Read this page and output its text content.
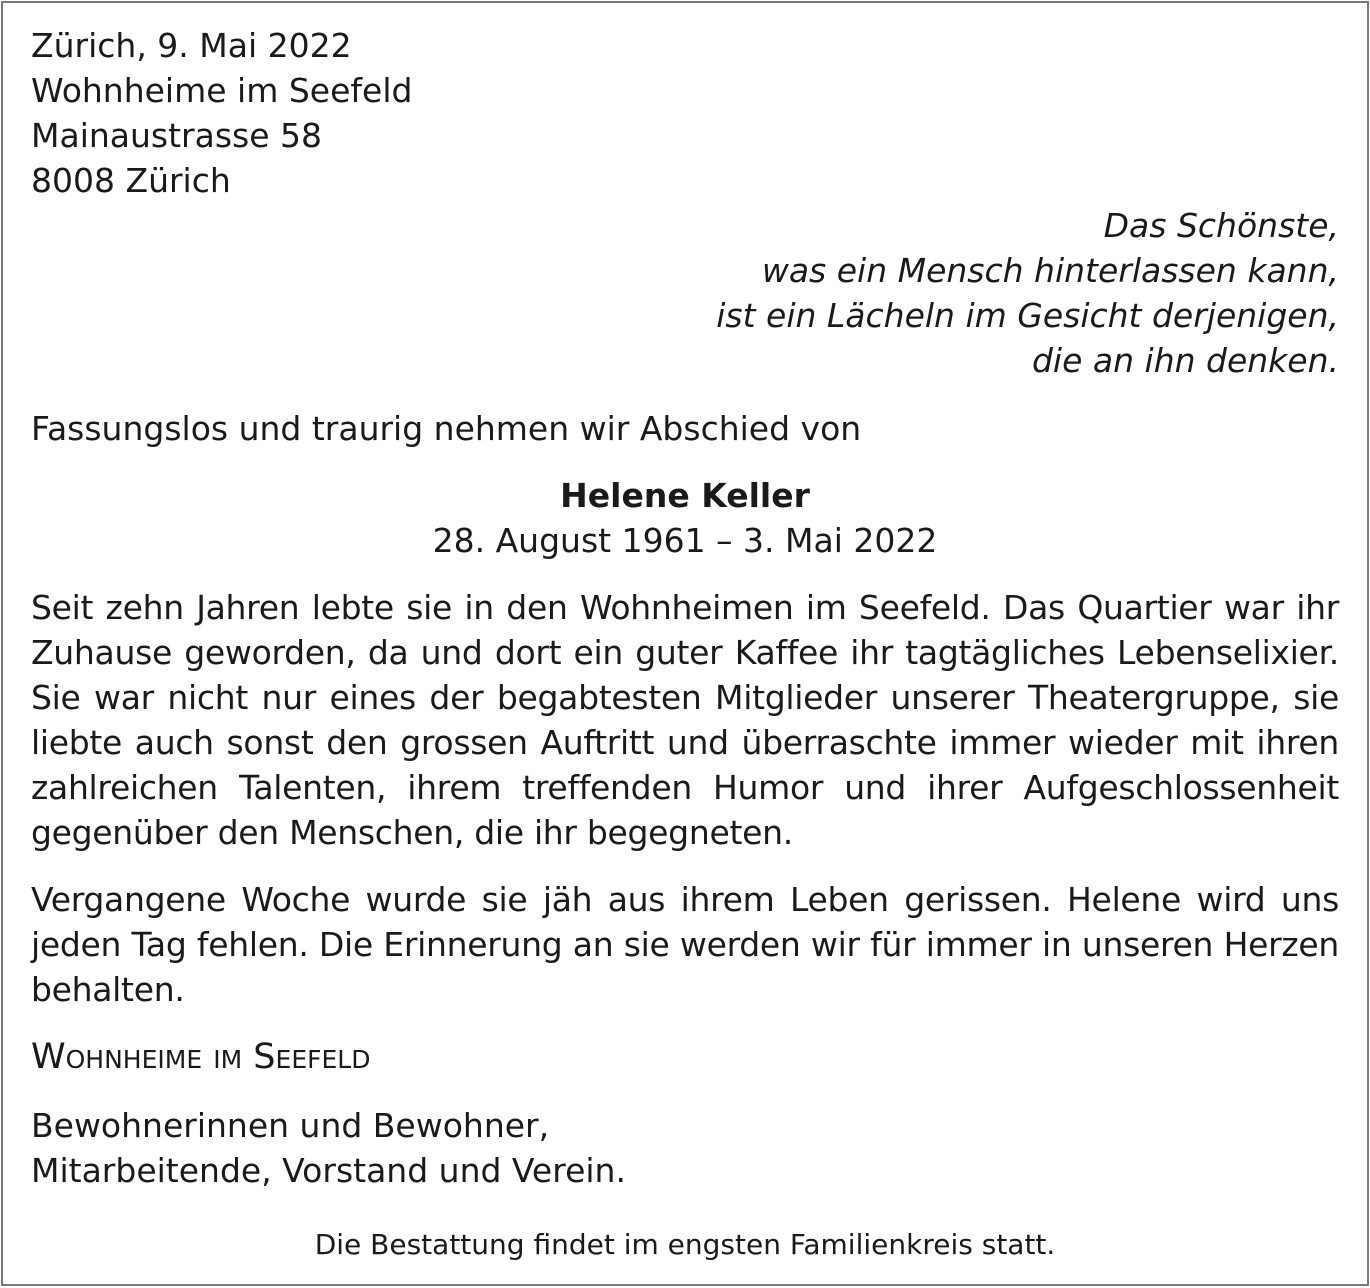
Zürich, 9. Mai 2022
Wohnheime im Seefeld
Mainaustrasse 58
8008 Zürich
Das Schönste,
was ein Mensch hinterlassen kann,
ist ein Lächeln im Gesicht derjenigen,
die an ihn denken.
Fassungslos und traurig nehmen wir Abschied von
Helene Keller
28. August 1961 – 3. Mai 2022
Seit zehn Jahren lebte sie in den Wohnheimen im Seefeld. Das Quartier war ihr Zuhause geworden, da und dort ein guter Kaffee ihr tagtägliches Lebenselixier. Sie war nicht nur eines der begabtesten Mitglieder unserer Theatergruppe, sie liebte auch sonst den grossen Auftritt und überraschte immer wieder mit ihren zahlreichen Talenten, ihrem treffenden Humor und ihrer Aufgeschlossenheit gegenüber den Menschen, die ihr begegneten.
Vergangene Woche wurde sie jäh aus ihrem Leben gerissen. Helene wird uns jeden Tag fehlen. Die Erinnerung an sie werden wir für immer in unseren Herzen behalten.
Wohnheime im Seefeld
Bewohnerinnen und Bewohner,
Mitarbeitende, Vorstand und Verein.
Die Bestattung findet im engsten Familienkreis statt.
